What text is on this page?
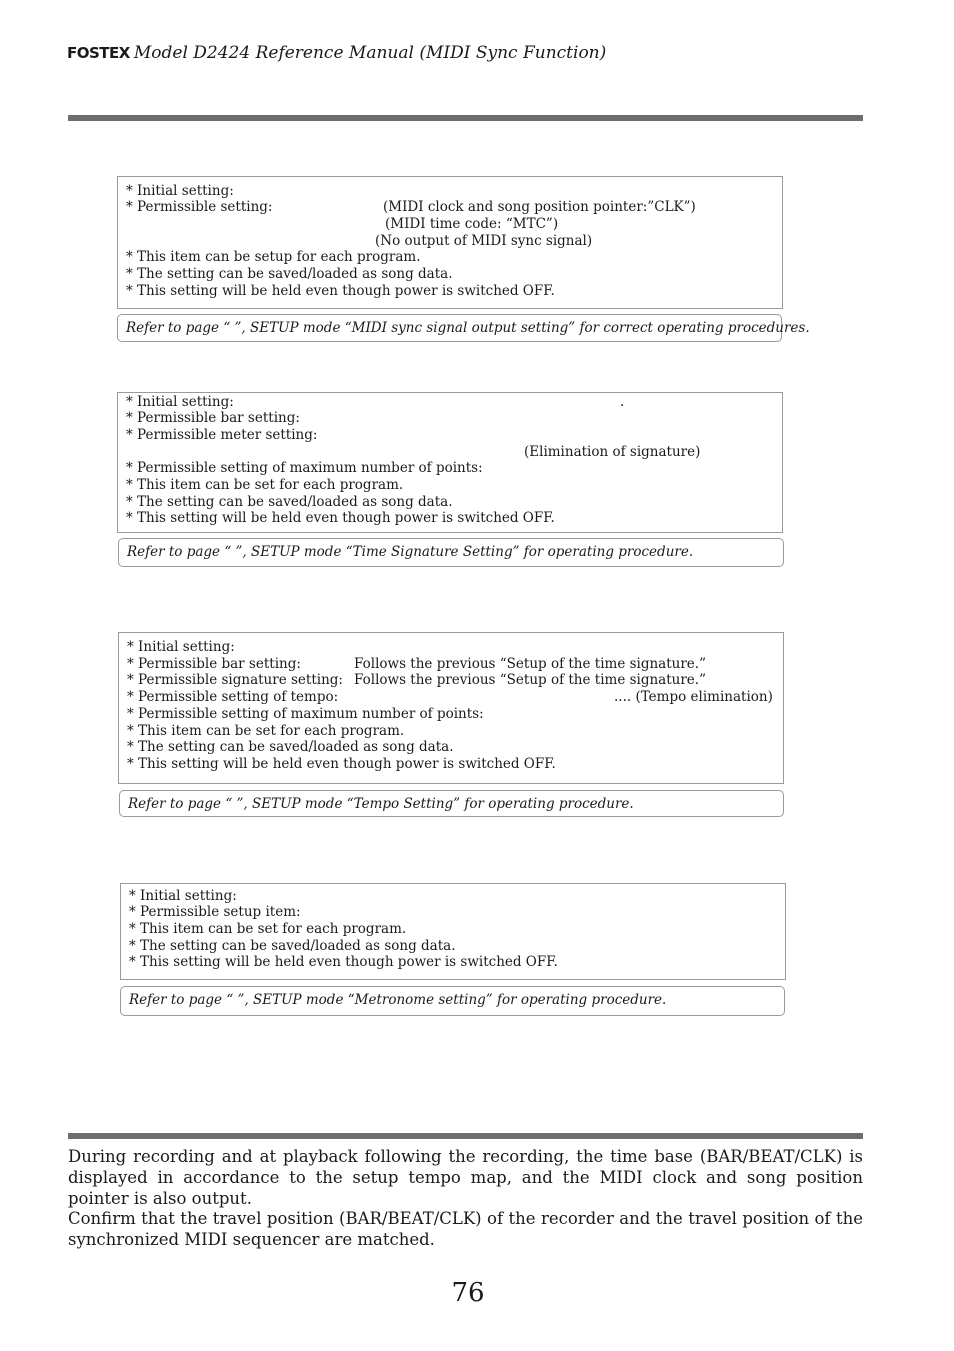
FOSTEX Model D2424 Reference Manual (MIDI Sync Function)
* Initial setting:
* Permissible setting:	(MIDI clock and song position pointer:”CLK”)
(MIDI time code: “MTC”)
(No output of MIDI sync signal)
* This item can be setup for each program.
* The setting can be saved/loaded as song data.
* This setting will be held even though power is switched OFF.
Refer to page “ ”, SETUP mode “MIDI sync signal output setting” for correct operating procedures.
* Initial setting:	.
* Permissible bar setting:
* Permissible meter setting:
(Elimination of signature)
* Permissible setting of maximum number of points:
* This item can be set for each program.
* The setting can be saved/loaded as song data.
* This setting will be held even though power is switched OFF.
Refer to page “ ”, SETUP mode “Time Signature Setting” for operating procedure.
* Initial setting:
* Permissible bar setting:	Follows the previous “Setup of the time signature.”
* Permissible signature setting: Follows the previous “Setup of the time signature.”
* Permissible setting of tempo:	.... (Tempo elimination)
* Permissible setting of maximum number of points:
* This item can be set for each program.
* The setting can be saved/loaded as song data.
* This setting will be held even though power is switched OFF.
Refer to page “ ”, SETUP mode “Tempo Setting” for operating procedure.
* Initial setting:
* Permissible setup item:
* This item can be set for each program.
* The setting can be saved/loaded as song data.
* This setting will be held even though power is switched OFF.
Refer to page “ ”, SETUP mode “Metronome setting” for operating procedure.
During recording and at playback following the recording, the time base (BAR/BEAT/CLK) is displayed in accordance to the setup tempo map, and the MIDI clock and song position pointer is also output.
Confirm that the travel position (BAR/BEAT/CLK) of the recorder and the travel position of the synchronized MIDI sequencer are matched.
76
